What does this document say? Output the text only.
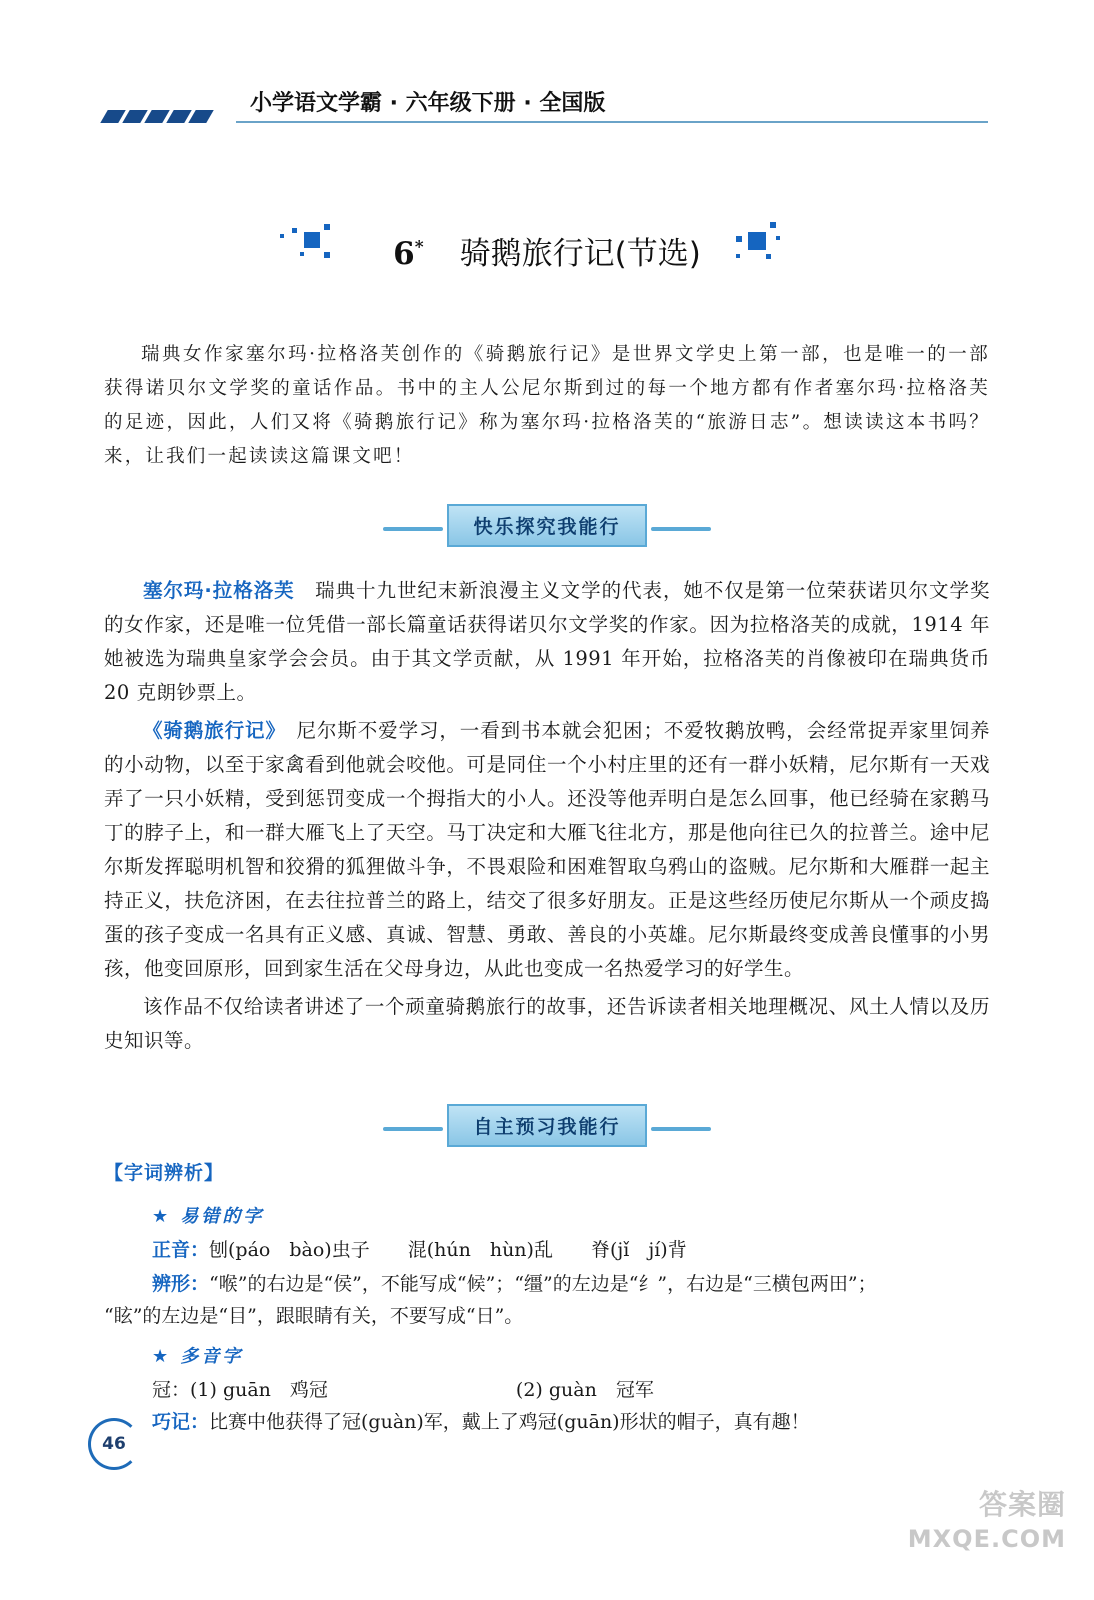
小学语文学霸 · 六年级下册 · 全国版
6* 骑鹅旅行记(节选)

瑞典女作家塞尔玛·拉格洛芙创作的《骑鹅旅行记》是世界文学史上第一部，也是唯一的一部获得诺贝尔文学奖的童话作品。书中的主人公尼尔斯到过的每一个地方都有作者塞尔玛·拉格洛芙的足迹，因此，人们又将《骑鹅旅行记》称为塞尔玛·拉格洛芙的“旅游日志”。想读读这本书吗？来，让我们一起读读这篇课文吧！

快乐探究我能行

塞尔玛·拉格洛芙　 瑞典十九世纪末新浪漫主义文学的代表，她不仅是第一位荣获诺贝尔文学奖的女作家，还是唯一位凭借一部长篇童话获得诺贝尔文学奖的作家。因为拉格洛芙的成就，1914 年她被选为瑞典皇家学会会员。由于其文学贡献，从 1991 年开始，拉格洛芙的肖像被印在瑞典货币 20 克朗钞票上。

《骑鹅旅行记》　 尼尔斯不爱学习，一看到书本就会犯困；不爱牧鹅放鸭，会经常捉弄家里饲养的小动物，以至于家禽看到他就会咬他。可是同住一个小村庄里的还有一群小妖精，尼尔斯有一天戏弄了一只小妖精，受到惩罚变成一个拇指大的小人。还没等他弄明白是怎么回事，他已经骑在家鹅马丁的脖子上，和一群大雁飞上了天空。马丁决定和大雁飞往北方，那是他向往已久的拉普兰。途中尼尔斯发挥聪明机智和狡猾的狐狸做斗争，不畏艰险和困难智取乌鸦山的盗贼。尼尔斯和大雁群一起主持正义，扶危济困，在去往拉普兰的路上，结交了很多好朋友。正是这些经历使尼尔斯从一个顽皮捣蛋的孩子变成一名具有正义感、真诚、智慧、勇敢、善良的小英雄。尼尔斯最终变成善良懂事的小男孩，他变回原形，回到家生活在父母身边，从此也变成一名热爱学习的好学生。

该作品不仅给读者讲述了一个顽童骑鹅旅行的故事，还告诉读者相关地理概况、风土人情以及历史知识等。

自主预习我能行
【字词辨析】
★ 易错的字
正音：刨(páo　bào)虫子 混(hún　hùn)乱 脊(jǐ　jí)背
辨形：“喉”的右边是“侯”，不能写成“候”；“缰”的左边是“纟”，右边是“三横包两田”；
“眩”的左边是“目”，跟眼睛有关，不要写成“日”。
★ 多音字
冠：(1) guān　鸡冠	(2) guàn　冠军
巧记：比赛中他获得了冠(guàn)军，戴上了鸡冠(guān)形状的帽子，真有趣！
46
答案圈
MXQE.COM
